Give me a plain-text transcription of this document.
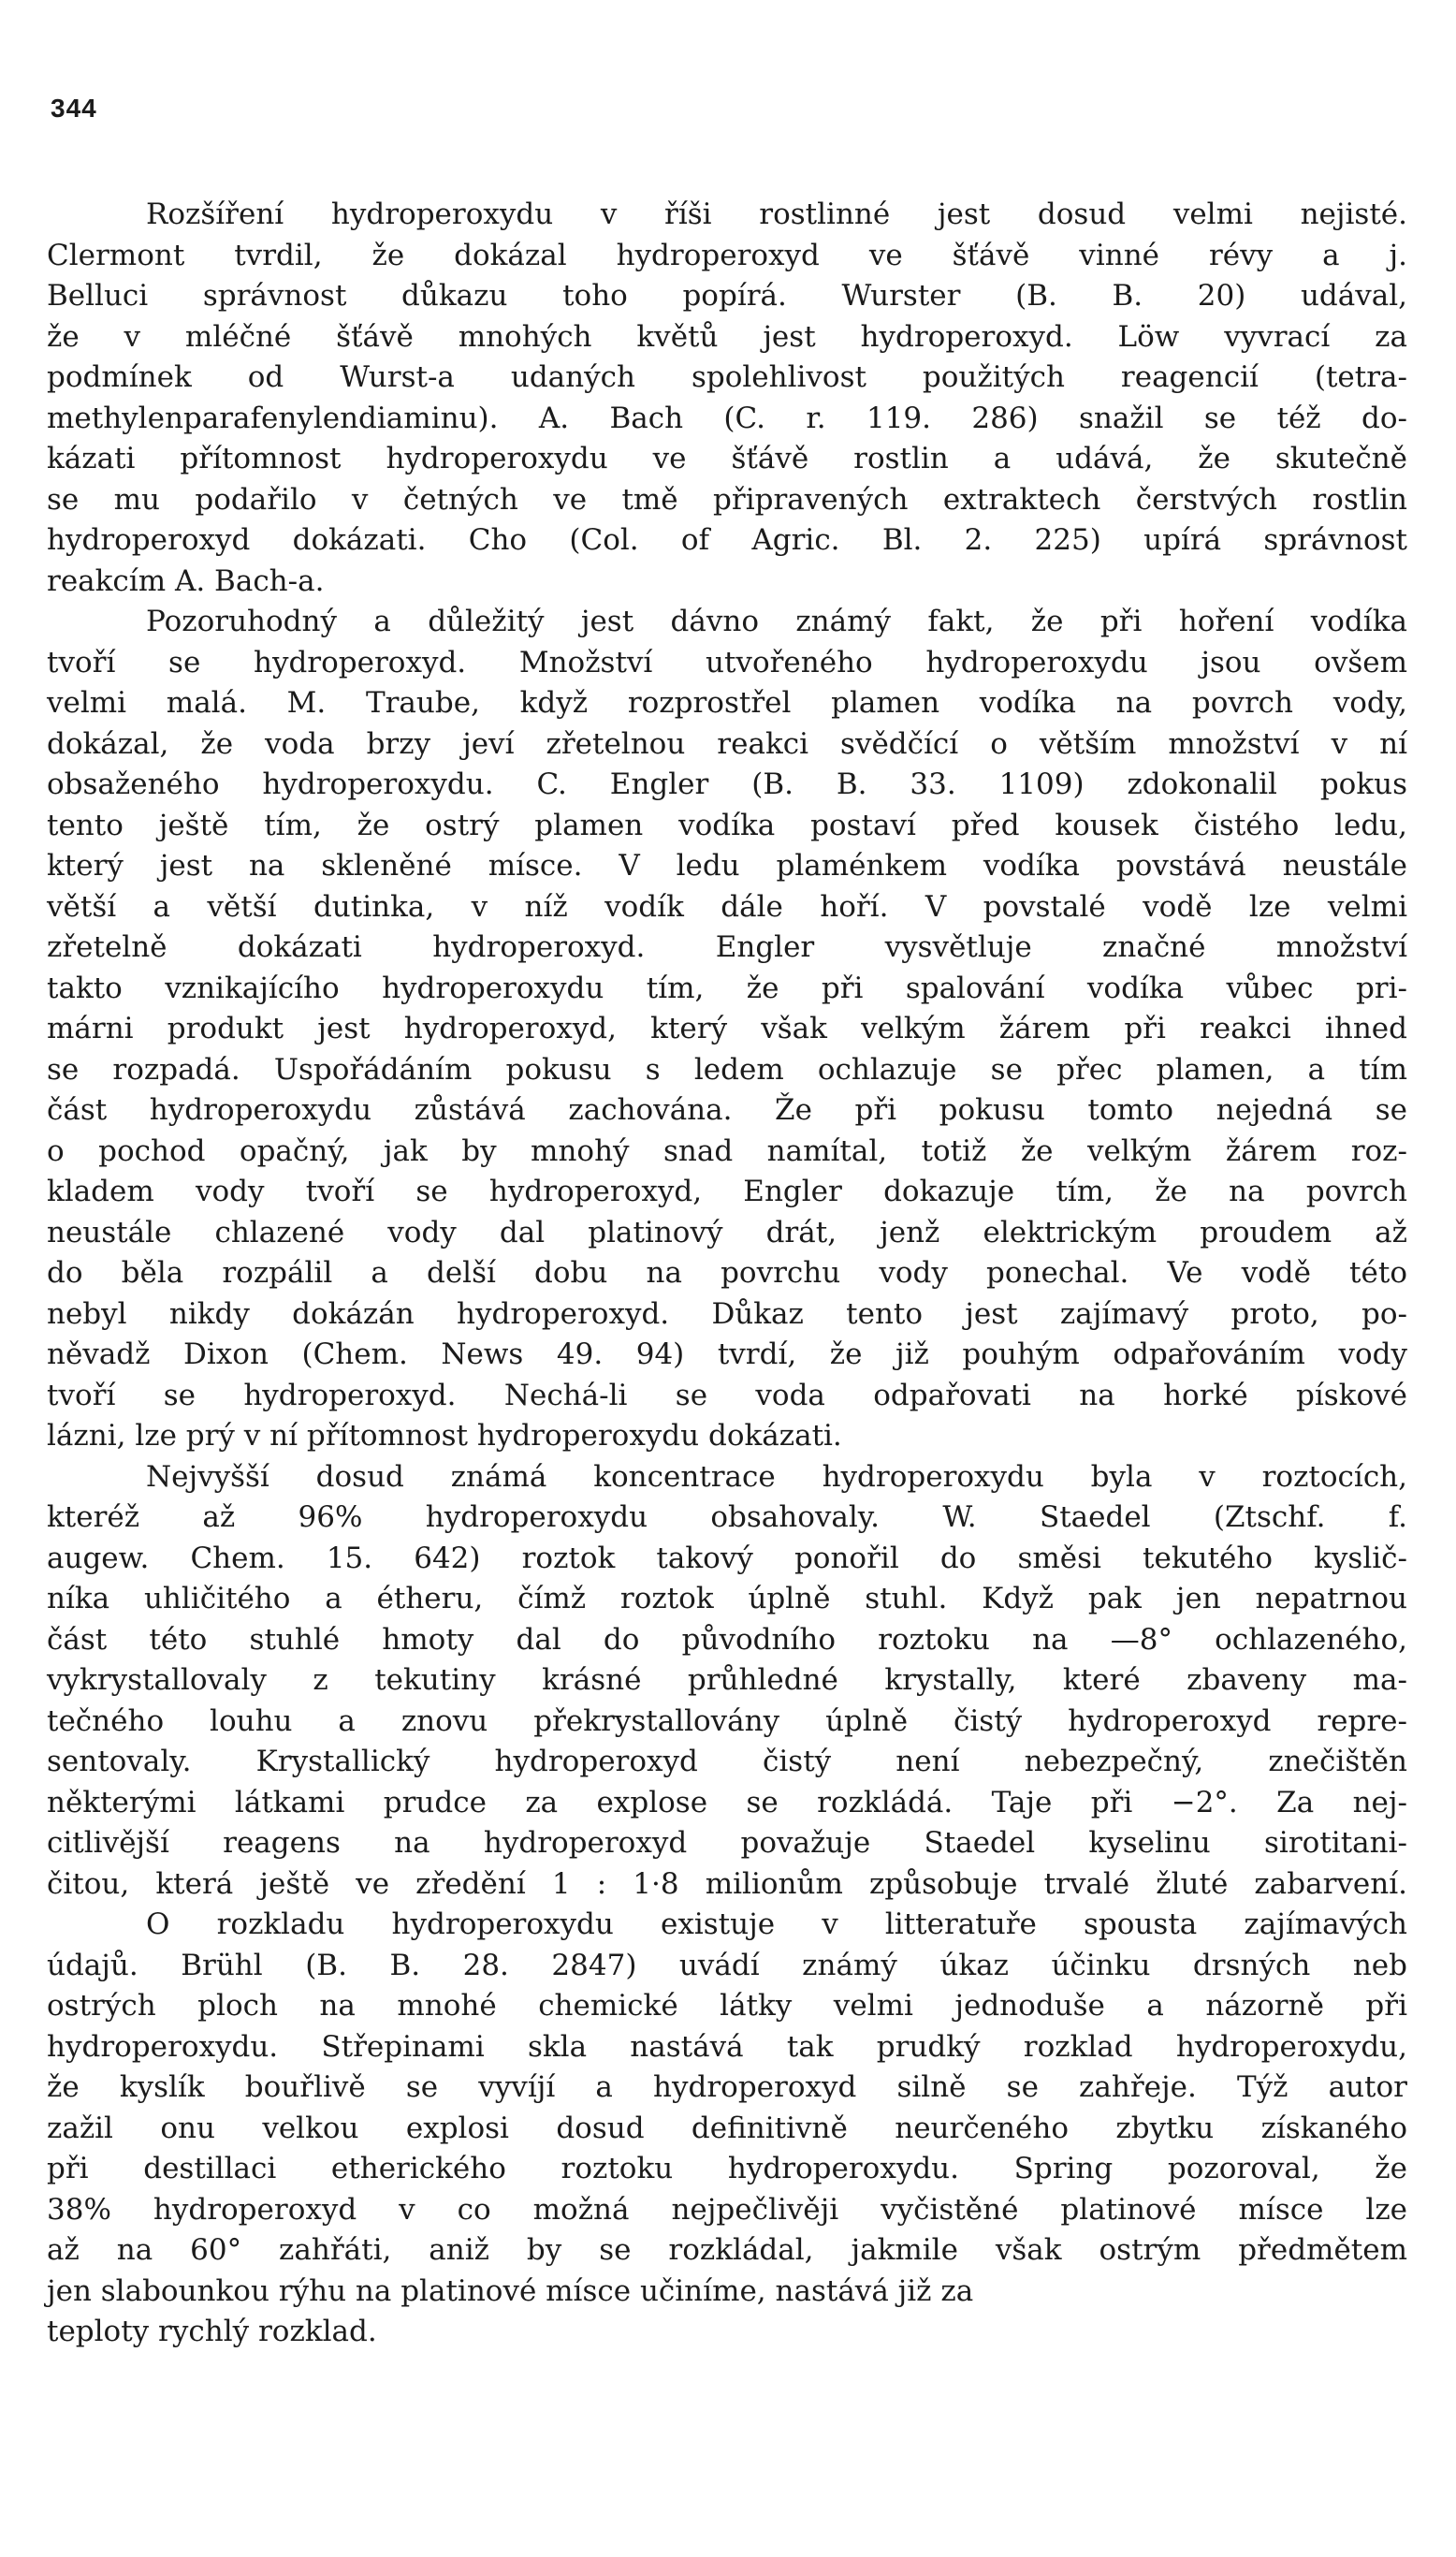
344
Rozšíření hydroperoxydu v říši rostlinné jest dosud velmi nejisté.
Clermont tvrdil, že dokázal hydroperoxyd ve šťávě vinné révy a j.
Belluci správnost důkazu toho popírá. Wurster (B. B. 20) udával,
že v mléčné šťávě mnohých květů jest hydroperoxyd. Löw vyvrací za
podmínek od Wurst-a udaných spolehlivost použitých reagencií (tetra-
methylenparafenylendiaminu). A. Bach (C. r. 119. 286) snažil se též do-
kázati přítomnost hydroperoxydu ve šťávě rostlin a udává, že skutečně
se mu podařilo v četných ve tmě připravených extraktech čerstvých rostlin
hydroperoxyd dokázati. Cho (Col. of Agric. Bl. 2. 225) upírá správnost
reakcím A. Bach-a.
Pozoruhodný a důležitý jest dávno známý fakt, že při hoření vodíka
tvoří se hydroperoxyd. Množství utvořeného hydroperoxydu jsou ovšem
velmi malá. M. Traube, když rozprostřel plamen vodíka na povrch vody,
dokázal, že voda brzy jeví zřetelnou reakci svědčící o větším množství v ní
obsaženého hydroperoxydu. C. Engler (B. B. 33. 1109) zdokonalil pokus
tento ještě tím, že ostrý plamen vodíka postaví před kousek čistého ledu,
který jest na skleněné mísce. V ledu plaménkem vodíka povstává neustále
větší a větší dutinka, v níž vodík dále hoří. V povstalé vodě lze velmi
zřetelně dokázati hydroperoxyd. Engler vysvětluje značné množství
takto vznikajícího hydroperoxydu tím, že při spalování vodíka vůbec pri-
márni produkt jest hydroperoxyd, který však velkým žárem při reakci ihned
se rozpadá. Uspořádáním pokusu s ledem ochlazuje se přec plamen, a tím
část hydroperoxydu zůstává zachována. Že při pokusu tomto nejedná se
o pochod opačný, jak by mnohý snad namítal, totiž že velkým žárem roz-
kladem vody tvoří se hydroperoxyd, Engler dokazuje tím, že na povrch
neustále chlazené vody dal platinový drát, jenž elektrickým proudem až
do běla rozpálil a delší dobu na povrchu vody ponechal. Ve vodě této
nebyl nikdy dokázán hydroperoxyd. Důkaz tento jest zajímavý proto, po-
něvadž Dixon (Chem. News 49. 94) tvrdí, že již pouhým odpařováním vody
tvoří se hydroperoxyd. Nechá-li se voda odpařovati na horké pískové
lázni, lze prý v ní přítomnost hydroperoxydu dokázati.
Nejvyšší dosud známá koncentrace hydroperoxydu byla v roztocích,
kteréž až 96% hydroperoxydu obsahovaly. W. Staedel (Ztschf. f.
augew. Chem. 15. 642) roztok takový ponořil do směsi tekutého kyslič-
níka uhličitého a étheru, čímž roztok úplně stuhl. Když pak jen nepatrnou
část této stuhlé hmoty dal do původního roztoku na —8° ochlazeného,
vykrystallovaly z tekutiny krásné průhledné krystally, které zbaveny ma-
tečného louhu a znovu překrystallovány úplně čistý hydroperoxyd repre-
sentovaly. Krystallický hydroperoxyd čistý není nebezpečný, znečištěn
některými látkami prudce za explose se rozkládá. Taje při −2°. Za nej-
citlivější reagens na hydroperoxyd považuje Staedel kyselinu sirotitani-
čitou, která ještě ve zředění 1 : 1·8 milionům způsobuje trvalé žluté zabarvení.
O rozkladu hydroperoxydu existuje v litteratuře spousta zajímavých
údajů. Brühl (B. B. 28. 2847) uvádí známý úkaz účinku drsných neb
ostrých ploch na mnohé chemické látky velmi jednoduše a názorně při
hydroperoxydu. Střepinami skla nastává tak prudký rozklad hydroperoxydu,
že kyslík bouřlivě se vyvíjí a hydroperoxyd silně se zahřeje. Týž autor
zažil onu velkou explosi dosud definitivně neurčeného zbytku získaného
při destillaci etherického roztoku hydroperoxydu. Spring pozoroval, že
38% hydroperoxyd v co možná nejpečlivěji vyčistěné platinové mísce lze
až na 60° zahřáti, aniž by se rozkládal, jakmile však ostrým předmětem
jen slabounkou rýhu na platinové mísce učiníme, nastává již za
teploty rychlý rozklad.
